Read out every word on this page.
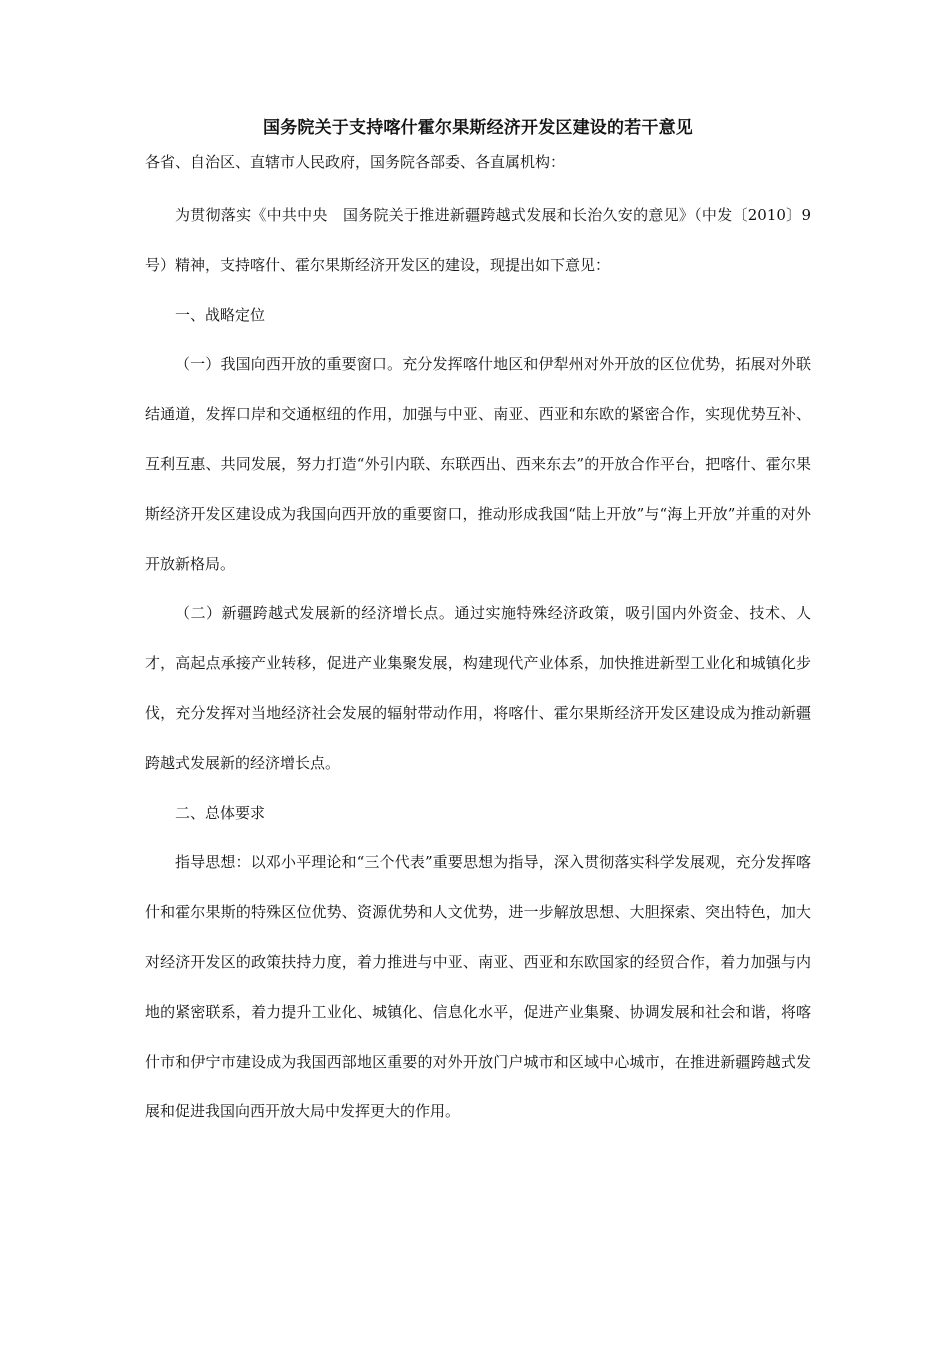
国务院关于支持喀什霍尔果斯经济开发区建设的若干意见
各省、自治区、直辖市人民政府，国务院各部委、各直属机构：

为贯彻落实《中共中央　国务院关于推进新疆跨越式发展和长治久安的意见》（中发〔2010〕9号）精神，支持喀什、霍尔果斯经济开发区的建设，现提出如下意见：

一、战略定位

（一）我国向西开放的重要窗口。充分发挥喀什地区和伊犁州对外开放的区位优势，拓展对外联结通道，发挥口岸和交通枢纽的作用，加强与中亚、南亚、西亚和东欧的紧密合作，实现优势互补、互利互惠、共同发展，努力打造“外引内联、东联西出、西来东去”的开放合作平台，把喀什、霍尔果斯经济开发区建设成为我国向西开放的重要窗口，推动形成我国“陆上开放”与“海上开放”并重的对外开放新格局。

（二）新疆跨越式发展新的经济增长点。通过实施特殊经济政策，吸引国内外资金、技术、人才，高起点承接产业转移，促进产业集聚发展，构建现代产业体系，加快推进新型工业化和城镇化步伐，充分发挥对当地经济社会发展的辐射带动作用，将喀什、霍尔果斯经济开发区建设成为推动新疆跨越式发展新的经济增长点。

二、总体要求

指导思想：以邓小平理论和“三个代表”重要思想为指导，深入贯彻落实科学发展观，充分发挥喀什和霍尔果斯的特殊区位优势、资源优势和人文优势，进一步解放思想、大胆探索、突出特色，加大对经济开发区的政策扶持力度，着力推进与中亚、南亚、西亚和东欧国家的经贸合作，着力加强与内地的紧密联系，着力提升工业化、城镇化、信息化水平，促进产业集聚、协调发展和社会和谐，将喀什市和伊宁市建设成为我国西部地区重要的对外开放门户城市和区域中心城市，在推进新疆跨越式发展和促进我国向西开放大局中发挥更大的作用。
